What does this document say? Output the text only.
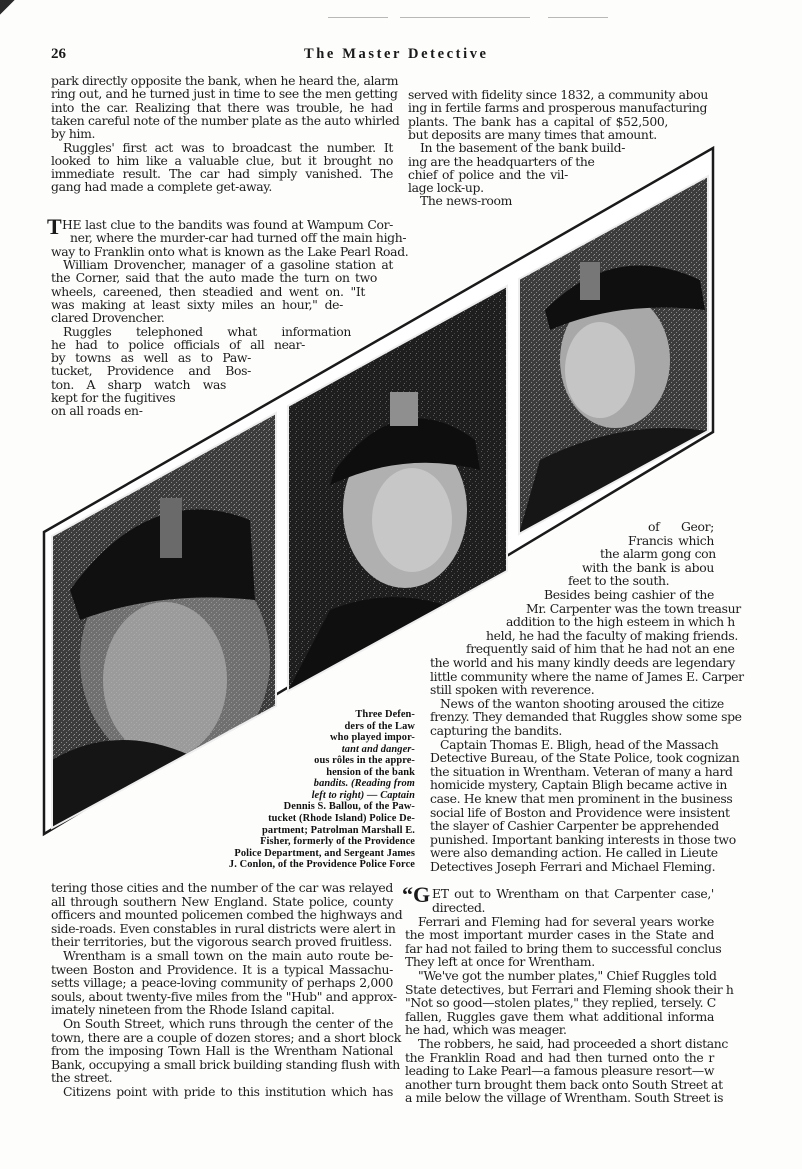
26	The Master Detective
park directly opposite the bank, when he heard the, alarm
ring out, and he turned just in time to see the men getting
into the car. Realizing that there was trouble, he had
taken careful note of the number plate as the auto whirled
by him.
Ruggles' first act was to broadcast the number. It
looked to him like a valuable clue, but it brought no
immediate result. The car had simply vanished. The
gang had made a complete get-away.
T HE last clue to the bandits was found at Wampum Cor-
ner, where the murder-car had turned off the main high-
way to Franklin onto what is known as the Lake Pearl Road.
William Drovencher, manager of a gasoline station at
the Corner, said that the auto made the turn on two
wheels, careened, then steadied and went on. "It
was making at least sixty miles an hour," de-
clared Drovencher.
Ruggles telephoned what information
he had to police officials of all near-
by towns as well as to Paw-
tucket, Providence and Bos-
ton. A sharp watch was
kept for the fugitives
on all roads en-
served with fidelity since 1832, a community abou
ing in fertile farms and prosperous manufacturing
plants. The bank has a capital of $52,500,
but deposits are many times that amount.
In the basement of the bank build-
ing are the headquarters of the
chief of police and the vil-
lage lock-up.
The news-room
of Geor;
Francis which
the alarm gong con
with the bank is abou
feet to the south.
Besides being cashier of the
Mr. Carpenter was the town treasur
addition to the high esteem in which h
held, he had the faculty of making friends.
frequently said of him that he had not an ene
the world and his many kindly deeds are legendary
little community where the name of James E. Carper
still spoken with reverence.
News of the wanton shooting aroused the citize
frenzy. They demanded that Ruggles show some spe
capturing the bandits.
Captain Thomas E. Bligh, head of the Massach
Detective Bureau, of the State Police, took cognizan
the situation in Wrentham. Veteran of many a hard
homicide mystery, Captain Bligh became active in
case. He knew that men prominent in the business
social life of Boston and Providence were insistent
the slayer of Cashier Carpenter be apprehended
punished. Important banking interests in those two
were also demanding action. He called in Lieute
Detectives Joseph Ferrari and Michael Fleming.
Three Defen-
ders of the Law
who played impor-
tant and danger-
ous rôles in the appre-
hension of the bank
bandits. (Reading from
left to right) — Captain
Dennis S. Ballou, of the Paw-
tucket (Rhode Island) Police De-
partment; Patrolman Marshall E.
Fisher, formerly of the Providence
Police Department, and Sergeant James
J. Conlon, of the Providence Police Force
tering those cities and the number of the car was relayed
all through southern New England. State police, county
officers and mounted policemen combed the highways and
side-roads. Even constables in rural districts were alert in
their territories, but the vigorous search proved fruitless.
Wrentham is a small town on the main auto route be-
tween Boston and Providence. It is a typical Massachu-
setts village; a peace-loving community of perhaps 2,000
souls, about twenty-five miles from the "Hub" and approx-
imately nineteen from the Rhode Island capital.
On South Street, which runs through the center of the
town, there are a couple of dozen stores; and a short block
from the imposing Town Hall is the Wrentham National
Bank, occupying a small brick building standing flush with
the street.
Citizens point with pride to this institution which has
“G ET out to Wrentham on that Carpenter case,'
directed.
Ferrari and Fleming had for several years worke
the most important murder cases in the State and
far had not failed to bring them to successful conclus
They left at once for Wrentham.
"We've got the number plates," Chief Ruggles told
State detectives, but Ferrari and Fleming shook their h
"Not so good—stolen plates," they replied, tersely. C
fallen, Ruggles gave them what additional informa
he had, which was meager.
The robbers, he said, had proceeded a short distanc
the Franklin Road and had then turned onto the r
leading to Lake Pearl—a famous pleasure resort—w
another turn brought them back onto South Street at
a mile below the village of Wrentham. South Street is
